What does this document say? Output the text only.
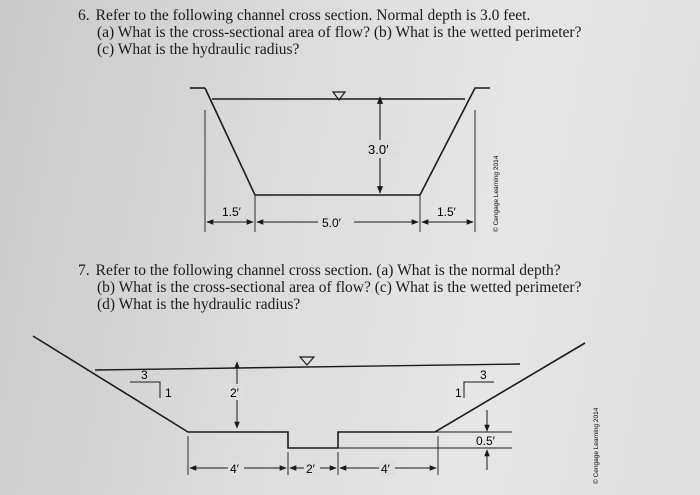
6. Refer to the following channel cross section. Normal depth is 3.0 feet.
(a) What is the cross-sectional area of flow? (b) What is the wetted perimeter?
(c) What is the hydraulic radius?
3.0′
1.5′
5.0′
1.5′	© Cengage Learning 2014
7. Refer to the following channel cross section. (a) What is the normal depth?
(b) What is the cross-sectional area of flow? (c) What is the wetted perimeter?
(d) What is the hydraulic radius?
3
1	2′
3
1
0.5′
4′	2′	4′	© Cengage Learning 2014
